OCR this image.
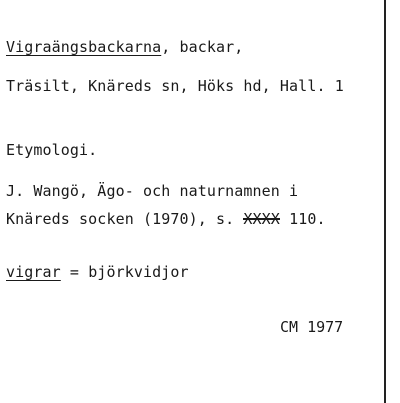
Vigraängsbackarna, backar,
Träsilt, Knäreds sn, Höks hd, Hall. 1
Etymologi.
J. Wangö, Ägo- och naturnamnen i
Knäreds socken (1970), s. XXXX 110.
vigrar = björkvidjor
CM 1977
